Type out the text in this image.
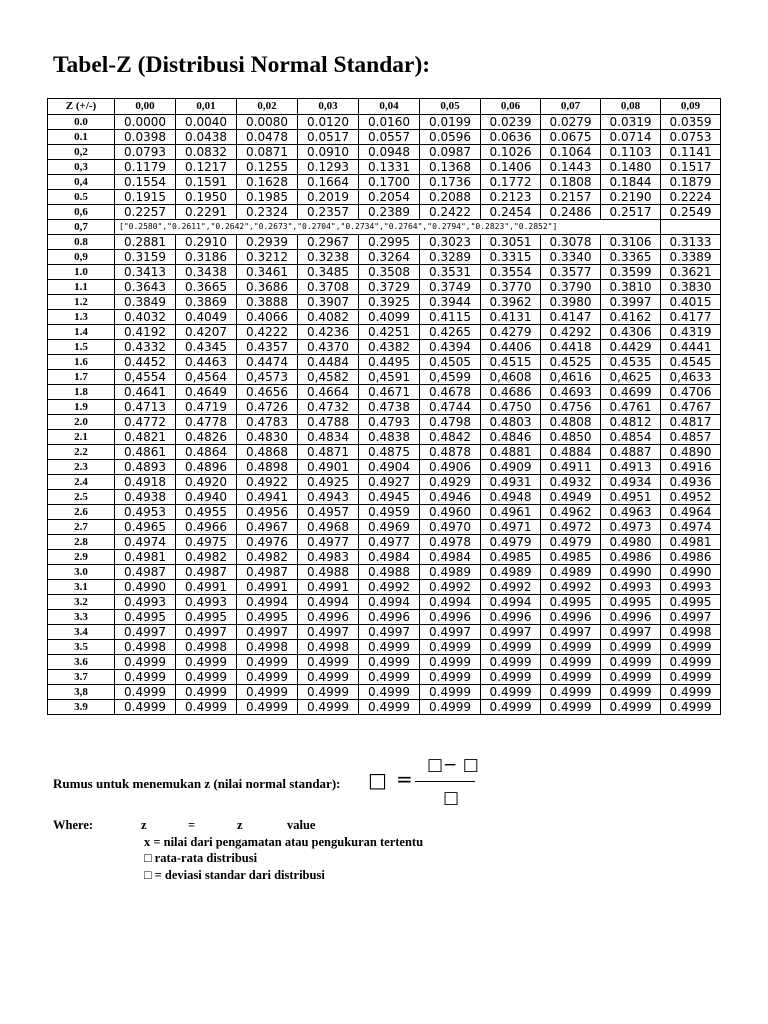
Tabel-Z (Distribusi Normal Standar):
Z (+/-)	0,00	0,01	0,02	0,03	0,04	0,05	0,06	0,07	0,08	0,09
0.0	0.0000	0.0040	0.0080	0.0120	0.0160	0.0199	0.0239	0.0279	0.0319	0.0359
0.1	0.0398	0.0438	0.0478	0.0517	0.0557	0.0596	0.0636	0.0675	0.0714	0.0753
0,2	0.0793	0.0832	0.0871	0.0910	0.0948	0.0987	0.1026	0.1064	0.1103	0.1141
0,3	0.1179	0.1217	0.1255	0.1293	0.1331	0.1368	0.1406	0.1443	0.1480	0.1517
0,4	0.1554	0.1591	0.1628	0.1664	0.1700	0.1736	0.1772	0.1808	0.1844	0.1879
0.5	0.1915	0.1950	0.1985	0.2019	0.2054	0.2088	0.2123	0.2157	0.2190	0.2224
0,6	0.2257	0.2291	0.2324	0.2357	0.2389	0.2422	0.2454	0.2486	0.2517	0.2549
0,7	["0.2580","0.2611","0.2642","0.2673","0.2704","0.2734","0.2764","0.2794","0.2823","0.2852"]									
0.8	0.2881	0.2910	0.2939	0.2967	0.2995	0.3023	0.3051	0.3078	0.3106	0.3133
0,9	0.3159	0.3186	0.3212	0.3238	0.3264	0.3289	0.3315	0.3340	0.3365	0.3389
1.0	0.3413	0.3438	0.3461	0.3485	0.3508	0.3531	0.3554	0.3577	0.3599	0.3621
1.1	0.3643	0.3665	0.3686	0.3708	0.3729	0.3749	0.3770	0.3790	0.3810	0.3830
1.2	0.3849	0.3869	0.3888	0.3907	0.3925	0.3944	0.3962	0.3980	0.3997	0.4015
1.3	0.4032	0.4049	0.4066	0.4082	0.4099	0.4115	0.4131	0.4147	0.4162	0.4177
1.4	0.4192	0.4207	0.4222	0.4236	0.4251	0.4265	0.4279	0.4292	0.4306	0.4319
1.5	0.4332	0.4345	0.4357	0.4370	0.4382	0.4394	0.4406	0.4418	0.4429	0.4441
1.6	0.4452	0.4463	0.4474	0.4484	0.4495	0.4505	0.4515	0.4525	0.4535	0.4545
1.7	0,4554	0,4564	0,4573	0,4582	0,4591	0,4599	0,4608	0,4616	0,4625	0,4633
1.8	0.4641	0.4649	0.4656	0.4664	0.4671	0.4678	0.4686	0.4693	0.4699	0.4706
1.9	0.4713	0.4719	0.4726	0.4732	0.4738	0.4744	0.4750	0.4756	0.4761	0.4767
2.0	0.4772	0.4778	0.4783	0.4788	0.4793	0.4798	0.4803	0.4808	0.4812	0.4817
2.1	0.4821	0.4826	0.4830	0.4834	0.4838	0.4842	0.4846	0.4850	0.4854	0.4857
2.2	0.4861	0.4864	0.4868	0.4871	0.4875	0.4878	0.4881	0.4884	0.4887	0.4890
2.3	0.4893	0.4896	0.4898	0.4901	0.4904	0.4906	0.4909	0.4911	0.4913	0.4916
2.4	0.4918	0.4920	0.4922	0.4925	0.4927	0.4929	0.4931	0.4932	0.4934	0.4936
2.5	0.4938	0.4940	0.4941	0.4943	0.4945	0.4946	0.4948	0.4949	0.4951	0.4952
2.6	0.4953	0.4955	0.4956	0.4957	0.4959	0.4960	0.4961	0.4962	0.4963	0.4964
2.7	0.4965	0.4966	0.4967	0.4968	0.4969	0.4970	0.4971	0.4972	0.4973	0.4974
2.8	0.4974	0.4975	0.4976	0.4977	0.4977	0.4978	0.4979	0.4979	0.4980	0.4981
2.9	0.4981	0.4982	0.4982	0.4983	0.4984	0.4984	0.4985	0.4985	0.4986	0.4986
3.0	0.4987	0.4987	0.4987	0.4988	0.4988	0.4989	0.4989	0.4989	0.4990	0.4990
3.1	0.4990	0.4991	0.4991	0.4991	0.4992	0.4992	0.4992	0.4992	0.4993	0.4993
3.2	0.4993	0.4993	0.4994	0.4994	0.4994	0.4994	0.4994	0.4995	0.4995	0.4995
3.3	0.4995	0.4995	0.4995	0.4996	0.4996	0.4996	0.4996	0.4996	0.4996	0.4997
3.4	0.4997	0.4997	0.4997	0.4997	0.4997	0.4997	0.4997	0.4997	0.4997	0.4998
3.5	0.4998	0.4998	0.4998	0.4998	0.4999	0.4999	0.4999	0.4999	0.4999	0.4999
3.6	0.4999	0.4999	0.4999	0.4999	0.4999	0.4999	0.4999	0.4999	0.4999	0.4999
3.7	0.4999	0.4999	0.4999	0.4999	0.4999	0.4999	0.4999	0.4999	0.4999	0.4999
3,8	0.4999	0.4999	0.4999	0.4999	0.4999	0.4999	0.4999	0.4999	0.4999	0.4999
3.9	0.4999	0.4999	0.4999	0.4999	0.4999	0.4999	0.4999	0.4999	0.4999	0.4999
Rumus untuk menemukan z (nilai normal standar): □ =
□− □
□
Where:	z	=	z	value
x = nilai dari pengamatan atau pengukuran tertentu
□ rata-rata distribusi
□ = deviasi standar dari distribusi
